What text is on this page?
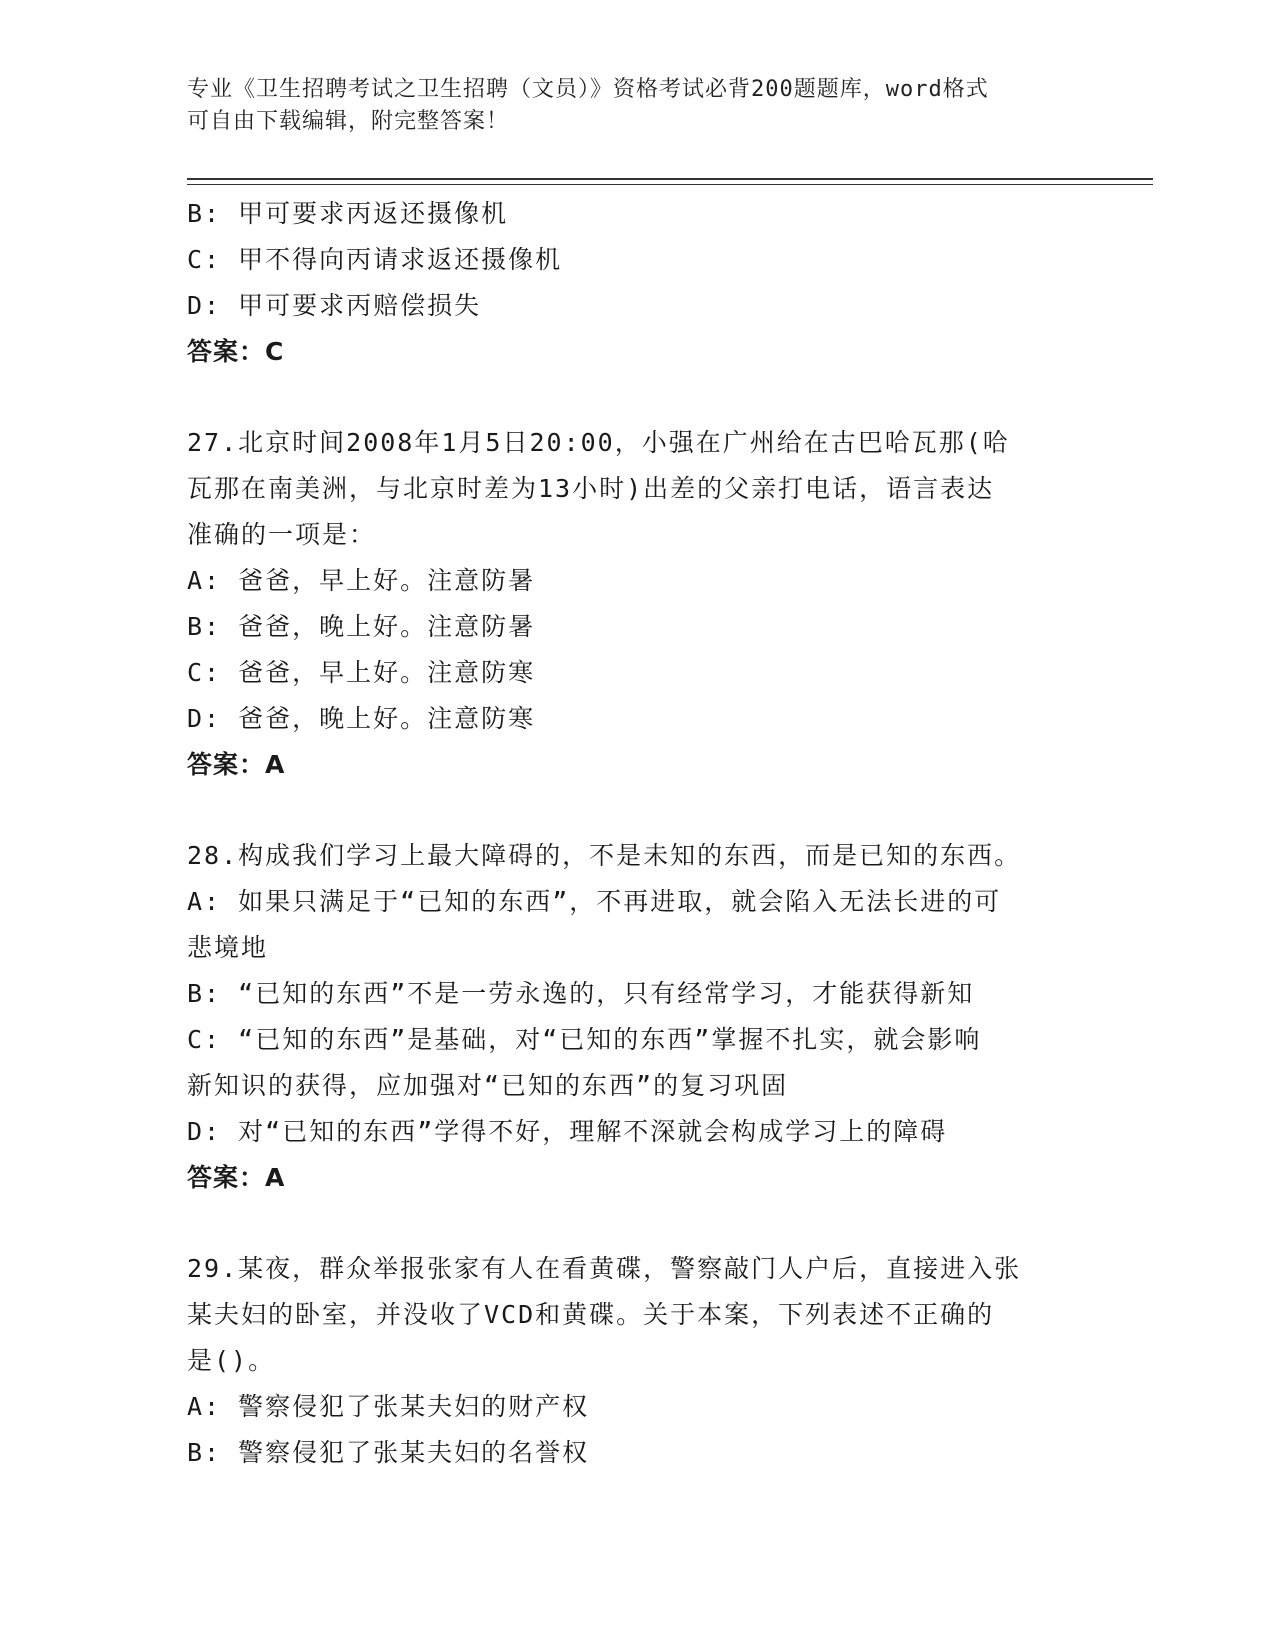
专业《卫生招聘考试之卫生招聘（文员）》资格考试必背200题题库，word格式
可自由下载编辑，附完整答案！
B: 甲可要求丙返还摄像机
C: 甲不得向丙请求返还摄像机
D: 甲可要求丙赔偿损失
答案：C
27.北京时间2008年1月5日20:00，小强在广州给在古巴哈瓦那(哈
瓦那在南美洲，与北京时差为13小时)出差的父亲打电话，语言表达
准确的一项是：
A: 爸爸，早上好。注意防暑
B: 爸爸，晚上好。注意防暑
C: 爸爸，早上好。注意防寒
D: 爸爸，晚上好。注意防寒
答案：A
28.构成我们学习上最大障碍的，不是未知的东西，而是已知的东西。
A: 如果只满足于“已知的东西”，不再进取，就会陷入无法长进的可
悲境地
B: “已知的东西”不是一劳永逸的，只有经常学习，才能获得新知
C: “已知的东西”是基础，对“已知的东西”掌握不扎实，就会影响
新知识的获得，应加强对“已知的东西”的复习巩固
D: 对“已知的东西”学得不好，理解不深就会构成学习上的障碍
答案：A
29.某夜，群众举报张家有人在看黄碟，警察敲门人户后，直接进入张
某夫妇的卧室，并没收了VCD和黄碟。关于本案，下列表述不正确的
是()。
A: 警察侵犯了张某夫妇的财产权
B: 警察侵犯了张某夫妇的名誉权
